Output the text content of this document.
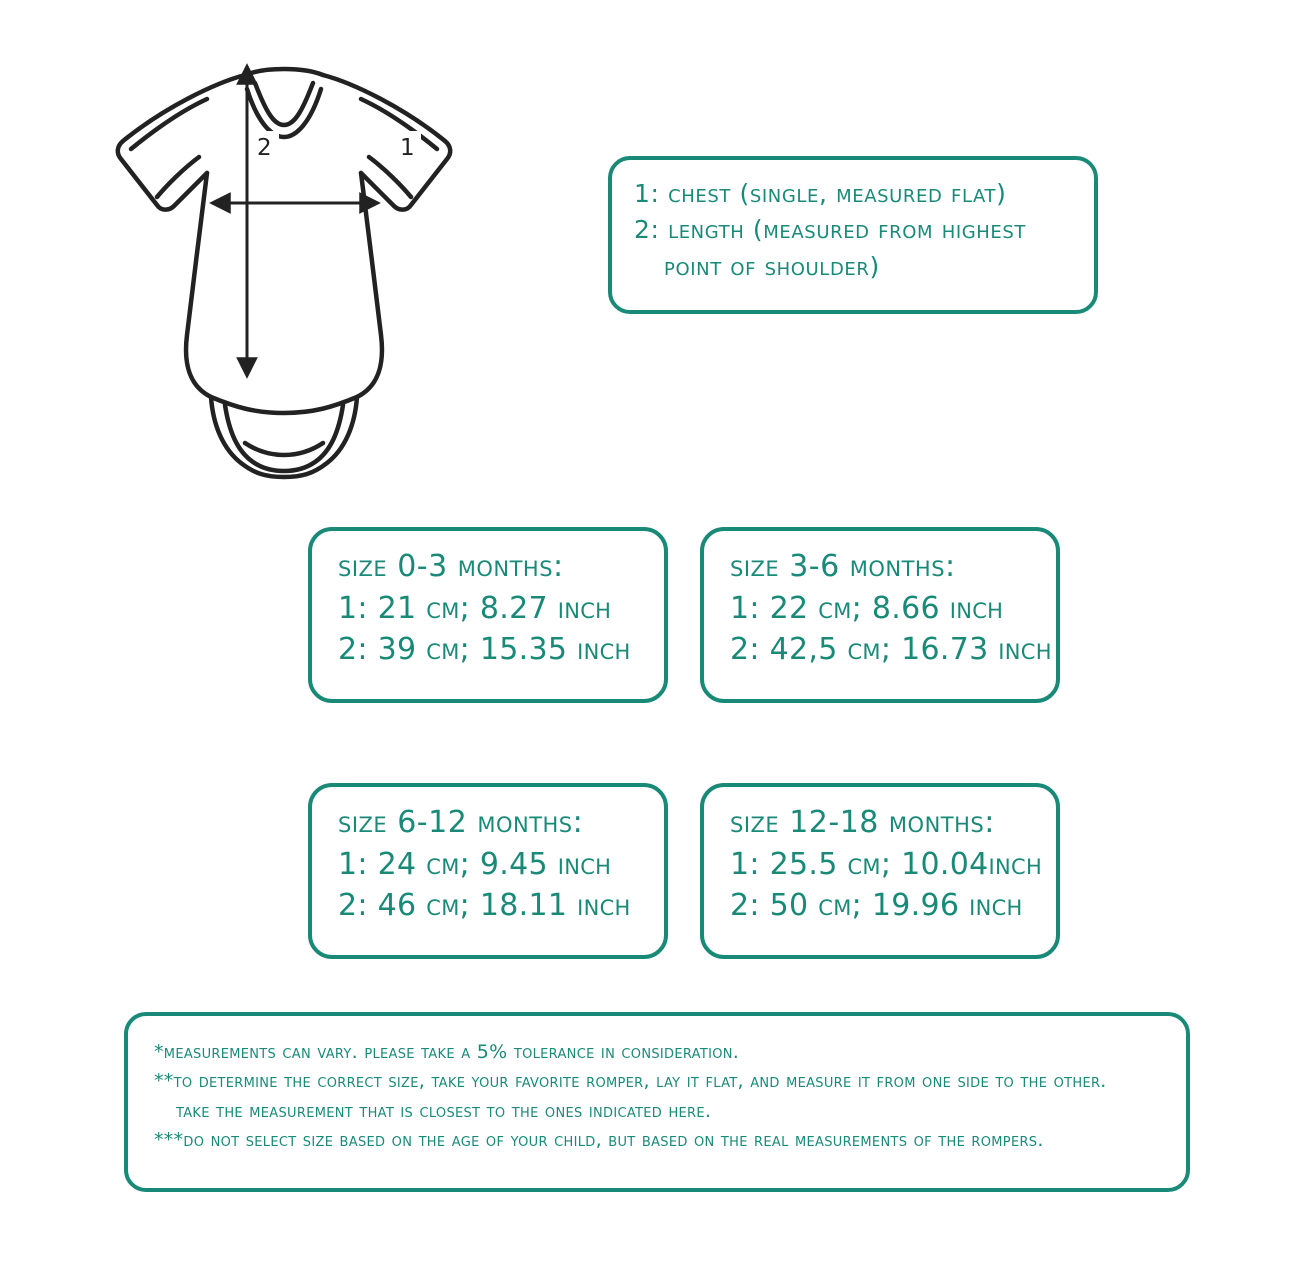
1
2
1: chest (single, measured flat)
2: length (measured from highest
point of shoulder)
size 0-3 months:
1: 21 cm; 8.27 inch
2: 39 cm; 15.35 inch
size 3-6 months:
1: 22 cm; 8.66 inch
2: 42,5 cm; 16.73 inch
size 6-12 months:
1: 24 cm; 9.45 inch
2: 46 cm; 18.11 inch
size 12-18 months:
1: 25.5 cm; 10.04inch
2: 50 cm; 19.96 inch
*measurements can vary. please take a 5% tolerance in consideration.
**to determine the correct size, take your favorite romper, lay it flat, and measure it from one side to the other.
take the measurement that is closest to the ones indicated here.
***do not select size based on the age of your child, but based on the real measurements of the rompers.
